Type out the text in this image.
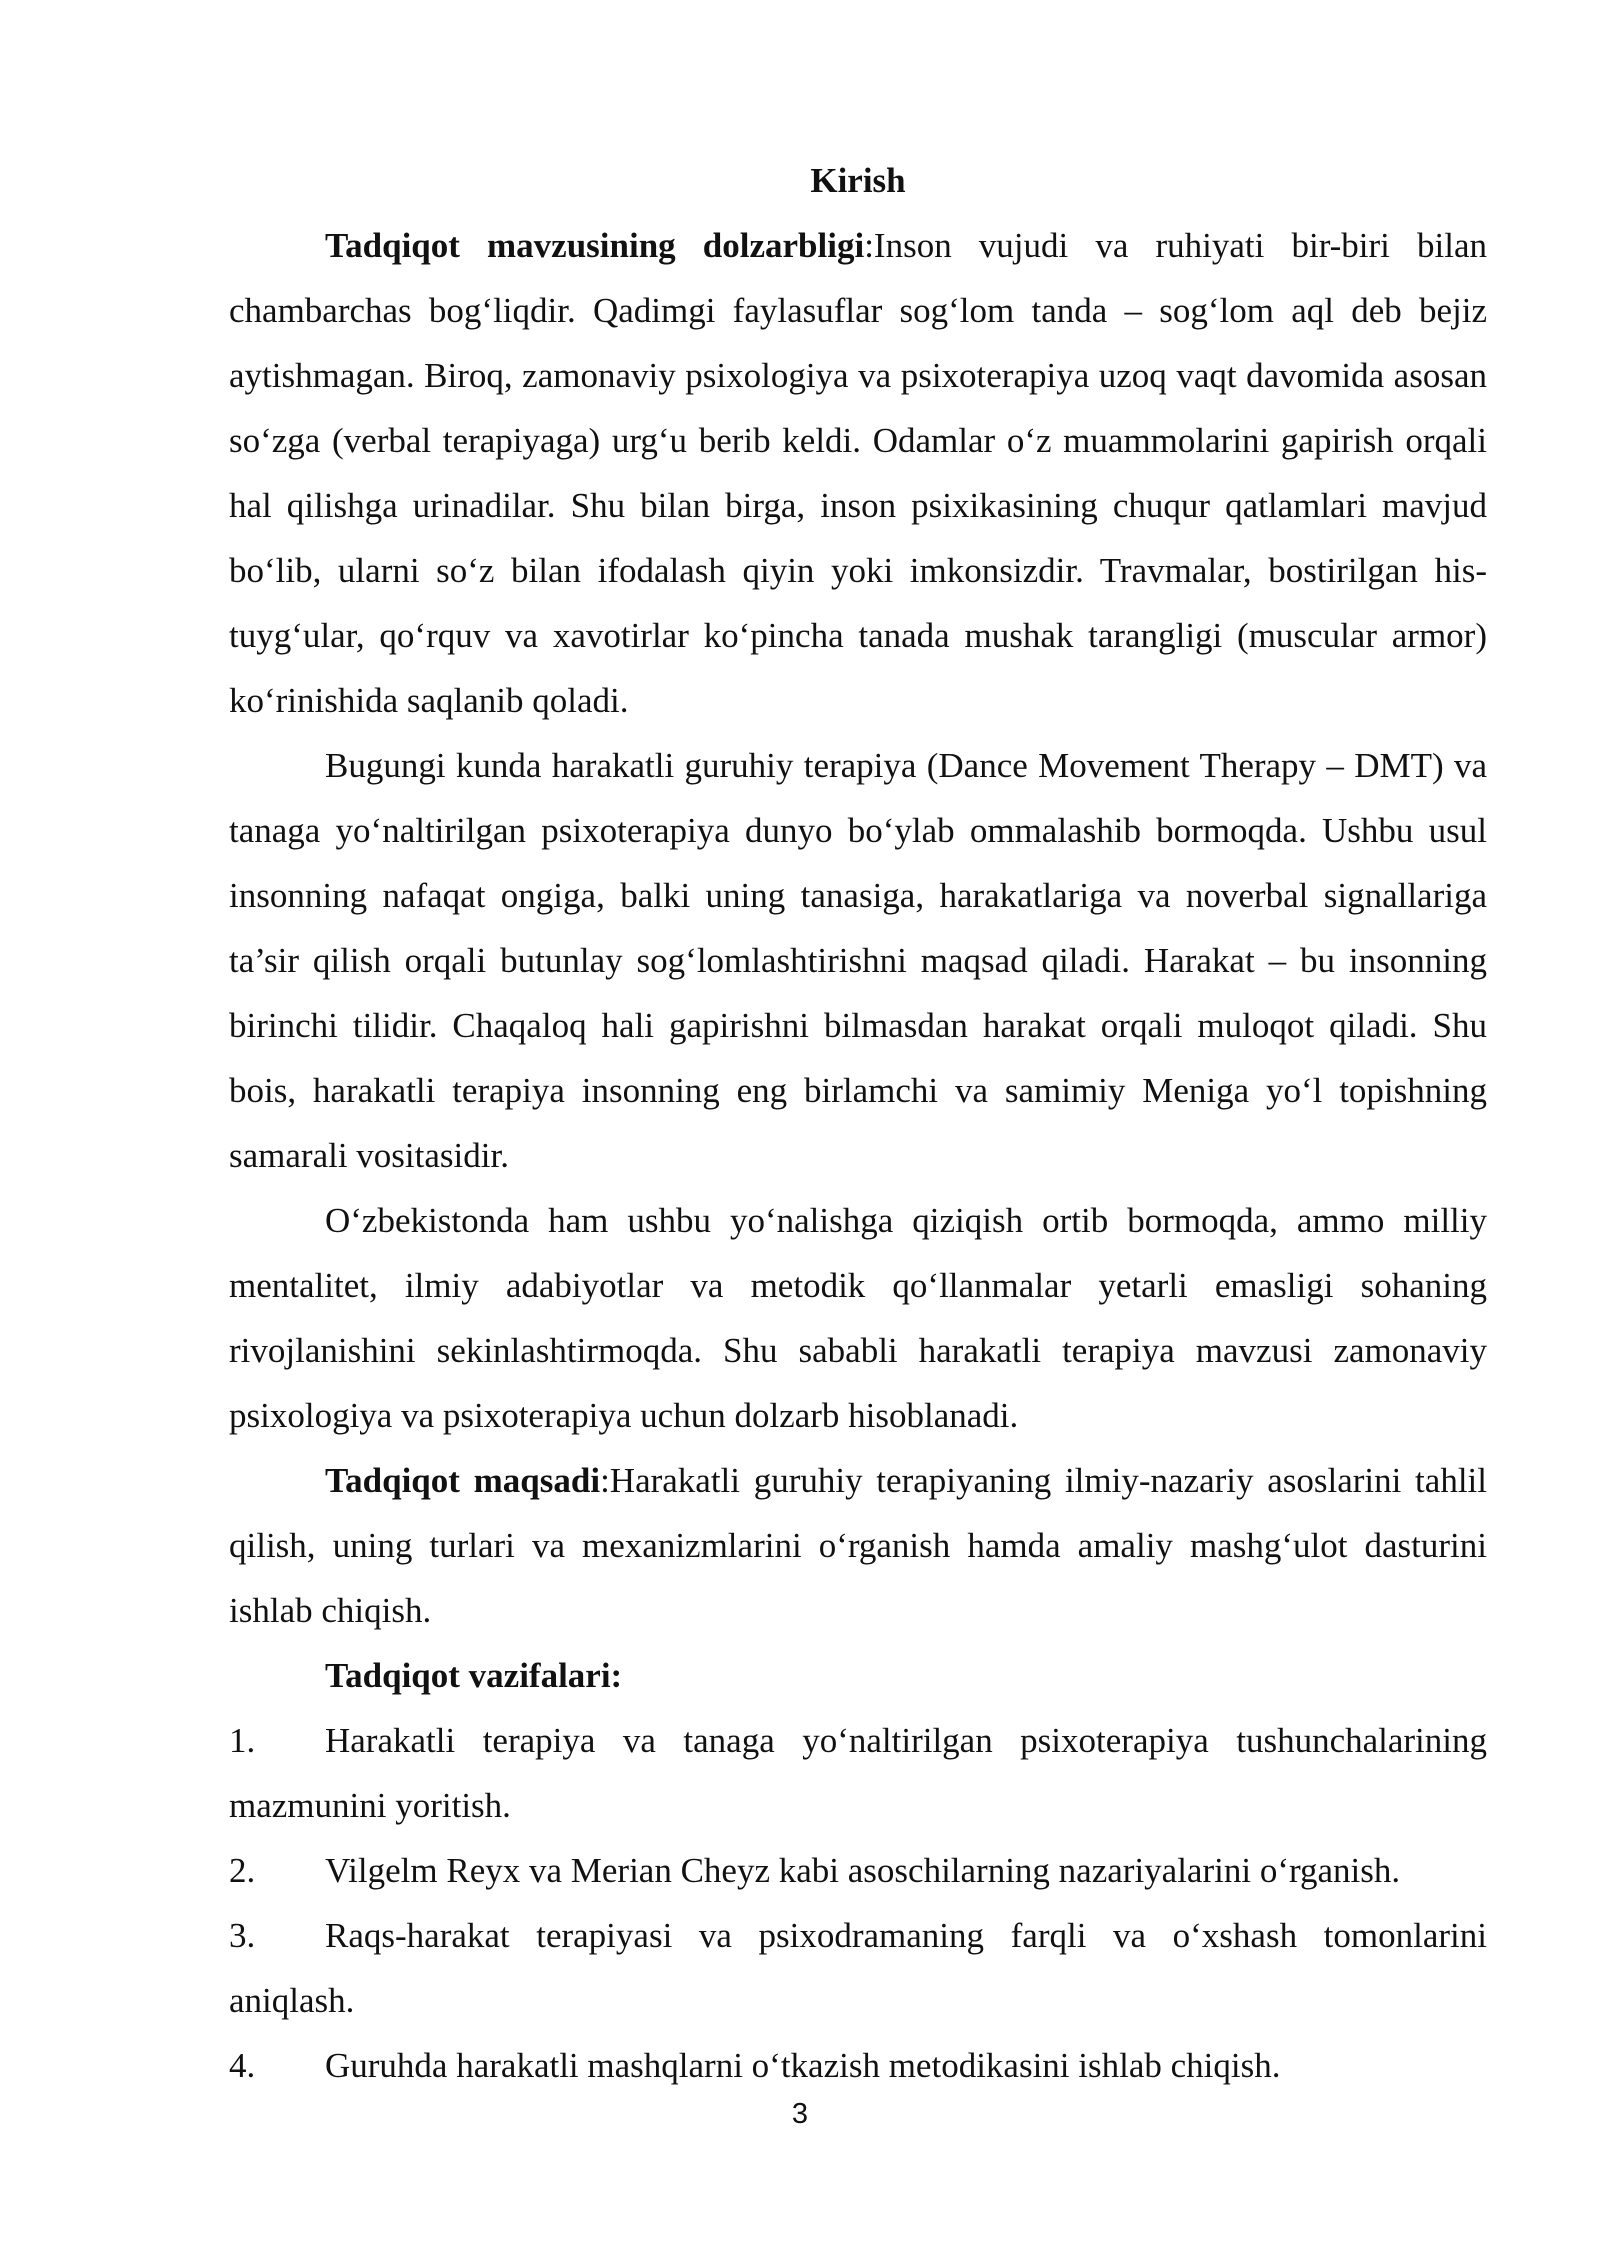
Kirish

Tadqiqot mavzusining dolzarbligi:Inson vujudi va ruhiyati bir-biri bilan chambarchas bog‘liqdir. Qadimgi faylasuflar sog‘lom tanda – sog‘lom aql deb bejiz aytishmagan. Biroq, zamonaviy psixologiya va psixoterapiya uzoq vaqt davomida asosan so‘zga (verbal terapiyaga) urg‘u berib keldi. Odamlar o‘z muammolarini gapirish orqali hal qilishga urinadilar. Shu bilan birga, inson psixikasining chuqur qatlamlari mavjud bo‘lib, ularni so‘z bilan ifodalash qiyin yoki imkonsizdir. Travmalar, bostirilgan his-tuyg‘ular, qo‘rquv va xavotirlar ko‘pincha tanada mushak tarangligi (muscular armor) ko‘rinishida saqlanib qoladi.

Bugungi kunda harakatli guruhiy terapiya (Dance Movement Therapy – DMT) va tanaga yo‘naltirilgan psixoterapiya dunyo bo‘ylab ommalashib bormoqda. Ushbu usul insonning nafaqat ongiga, balki uning tanasiga, harakatlariga va noverbal signallariga ta’sir qilish orqali butunlay sog‘lomlashtirishni maqsad qiladi. Harakat – bu insonning birinchi tilidir. Chaqaloq hali gapirishni bilmasdan harakat orqali muloqot qiladi. Shu bois, harakatli terapiya insonning eng birlamchi va samimiy Meniga yo‘l topishning samarali vositasidir.

O‘zbekistonda ham ushbu yo‘nalishga qiziqish ortib bormoqda, ammo milliy mentalitet, ilmiy adabiyotlar va metodik qo‘llanmalar yetarli emasligi sohaning rivojlanishini sekinlashtirmoqda. Shu sababli harakatli terapiya mavzusi zamonaviy psixologiya va psixoterapiya uchun dolzarb hisoblanadi.

Tadqiqot maqsadi:Harakatli guruhiy terapiyaning ilmiy-nazariy asoslarini tahlil qilish, uning turlari va mexanizmlarini o‘rganish hamda amaliy mashg‘ulot dasturini ishlab chiqish.

Tadqiqot vazifalari:

1. Harakatli terapiya va tanaga yo‘naltirilgan psixoterapiya tushunchalarining mazmunini yoritish.

2. Vilgelm Reyx va Merian Cheyz kabi asoschilarning nazariyalarini o‘rganish.

3. Raqs-harakat terapiyasi va psixodramaning farqli va o‘xshash tomonlarini aniqlash.

4. Guruhda harakatli mashqlarni o‘tkazish metodikasini ishlab chiqish.

3
